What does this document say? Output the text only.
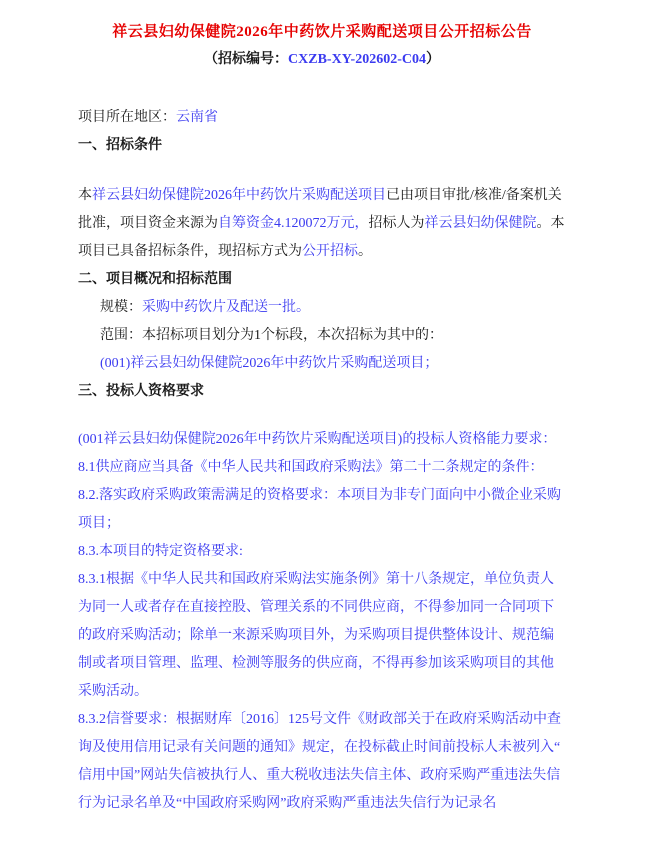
祥云县妇幼保健院2026年中药饮片采购配送项目公开招标公告
（招标编号：CXZB-XY-202602-C04）
项目所在地区：云南省
一、招标条件
本祥云县妇幼保健院2026年中药饮片采购配送项目已由项目审批/核准/备案机关批准，项目资金来源为自筹资金4.120072万元，招标人为祥云县妇幼保健院。本项目已具备招标条件，现招标方式为公开招标。
二、项目概况和招标范围
规模：采购中药饮片及配送一批。
范围：本招标项目划分为1个标段，本次招标为其中的：
(001)祥云县妇幼保健院2026年中药饮片采购配送项目；
三、投标人资格要求
(001祥云县妇幼保健院2026年中药饮片采购配送项目)的投标人资格能力要求：
8.1供应商应当具备《中华人民共和国政府采购法》第二十二条规定的条件：
8.2.落实政府采购政策需满足的资格要求：本项目为非专门面向中小微企业采购项目；
8.3.本项目的特定资格要求:
8.3.1根据《中华人民共和国政府采购法实施条例》第十八条规定，单位负责人为同一人或者存在直接控股、管理关系的不同供应商，不得参加同一合同项下的政府采购活动；除单一来源采购项目外，为采购项目提供整体设计、规范编制或者项目管理、监理、检测等服务的供应商，不得再参加该采购项目的其他采购活动。
8.3.2信誉要求：根据财库〔2016〕125号文件《财政部关于在政府采购活动中查询及使用信用记录有关问题的通知》规定，在投标截止时间前投标人未被列入“信用中国”网站失信被执行人、重大税收违法失信主体、政府采购严重违法失信行为记录名单及“中国政府采购网”政府采购严重违法失信行为记录名
